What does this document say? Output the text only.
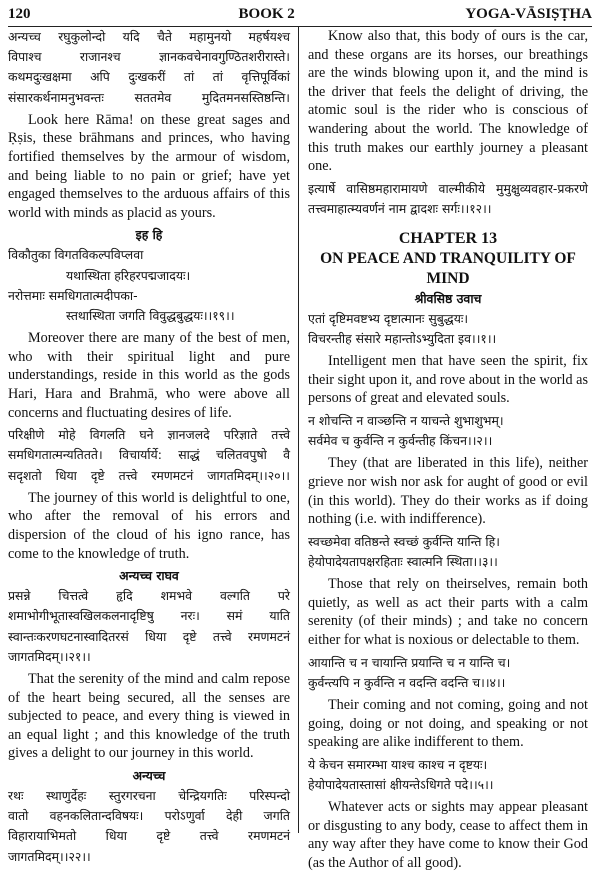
120	BOOK 2	YOGA-VĀSIṢṬHA
अन्यच्च रघुकुलोन्दो यदि चैते महामुनयो महर्षयश्च
विपाश्च राजानश्च ज्ञानकवचेनावगुण्ठितशरीरास्ते।
कथमदुःखक्षमा अपि दुःखकरीं तां तां वृत्तिपूर्विकां
संसारकर्थनामनुभवन्तः सततमेव मुदितमनसस्तिष्ठन्ति।

Look here Rāma! on these great sages and Ṛṣis, these brāhmans and princes, who having fortified themselves by the armour of wisdom, and being liable to no pain or grief; have yet engaged themselves to the arduous affairs of this world with minds as placid as yours.

इह हि
विकौतुका विगतविकल्पविप्लवा
यथास्थिता हरिहरपद्मजादयः।
नरोत्तमाः समधिगतात्मदीपका-
स्तथास्थिता जगति विवुद्धबुद्धयः।।१९।।

Moreover there are many of the best of men, who with their spiritual light and pure understandings, reside in this world as the gods Hari, Hara and Brahmā, who were above all concerns and fluctuating desires of life.

परिक्षीणे मोहे विगलति घने ज्ञानजलदे परिज्ञाते तत्त्वे
समधिगतात्मन्यतितते। विचार्यार्ये: साद्धं चलितवपुषो वै
सदृशतो धिया दृष्टे तत्त्वे रमणमटनं जागतमिदम्।।२०।।

The journey of this world is delightful to one, who after the removal of his errors and dispersion of the cloud of his igno rance, has come to the knowledge of truth.

अन्यच्च राघव
प्रसन्ने चित्तत्वे हृदि शमभवे वल्गति परे
शमाभोगीभूतास्वखिलकलनादृष्टिषु नरः। समं याति
स्वान्तःकरणघटनास्वादितरसं धिया दृष्टे तत्त्वे रमणमटनं
जागतमिदम्।।२१।।

That the serenity of the mind and calm repose of the heart being secured, all the senses are subjected to peace, and every thing is viewed in an equal light ; and this knowledge of the truth gives a delight to our journey in this world.

अन्यच्च
रथः स्थाणुर्देहः स्तुरगरचना चेन्द्रियगतिः परिस्पन्दो
वातो वहनकलितान्दविषयः। परोऽणुर्वा देही जगति
विहारायाभिमतो धिया दृष्टे तत्त्वे रमणमटनं
जागतमिदम्।।२२।।

Know also that, this body of ours is the car, and these organs are its horses, our breathings are the winds blowing upon it, and the mind is the driver that feels the delight of driving, the atomic soul is the rider who is conscious of wandering about the world. The knowledge of this truth makes our earthly journey a pleasant one.

इत्यार्षे वासिष्ठमहारामायणे वाल्मीकीये मुमुक्षुव्यवहार-प्रकरणे तत्त्वमाहात्म्यवर्णनं नाम द्वादशः सर्गः।।१२।।
CHAPTER 13
ON PEACE AND TRANQUILITY OF MIND
श्रीवसिष्ठ उवाच
एतां दृष्टिमवष्टभ्य दृष्टात्मानः सुबुद्धयः।
विचरन्तीह संसारे महान्तोऽभ्युदिता इव।।१।।

Intelligent men that have seen the spirit, fix their sight upon it, and rove about in the world as persons of great and elevated souls.

न शोचन्ति न वाञ्छन्ति न याचन्ते शुभाशुभम्।
सर्वमेव च कुर्वन्ति न कुर्वन्तीह किंचन।।२।।

They (that are liberated in this life), neither grieve nor wish nor ask for aught of good or evil (in this world). They do their works as if doing nothing (i.e. with indifference).

स्वच्छमेवा वतिष्ठन्ते स्वच्छं कुर्वन्ति यान्ति हि।
हेयोपादेयतापक्षरहिताः स्वात्मनि स्थिता।।३।।

Those that rely on theirselves, remain both quietly, as well as act their parts with a calm serenity (of their minds) ; and take no concern either for what is noxious or delectable to them.

आयान्ति च न चायान्ति प्रयान्ति च न यान्ति च।
कुर्वन्त्यपि न कुर्वन्ति न वदन्ति वदन्ति च।।४।।

Their coming and not coming, going and not going, doing or not doing, and speaking or not speaking are alike indifferent to them.

ये केचन समारम्भा याश्च काश्च न दृष्टयः।
हेयोपादेयतास्तासां क्षीयन्तेऽधिगते पदे।।५।।

Whatever acts or sights may appear pleasant or disgusting to any body, cease to affect them in any way after they have come to know their God (as the Author of all good).
